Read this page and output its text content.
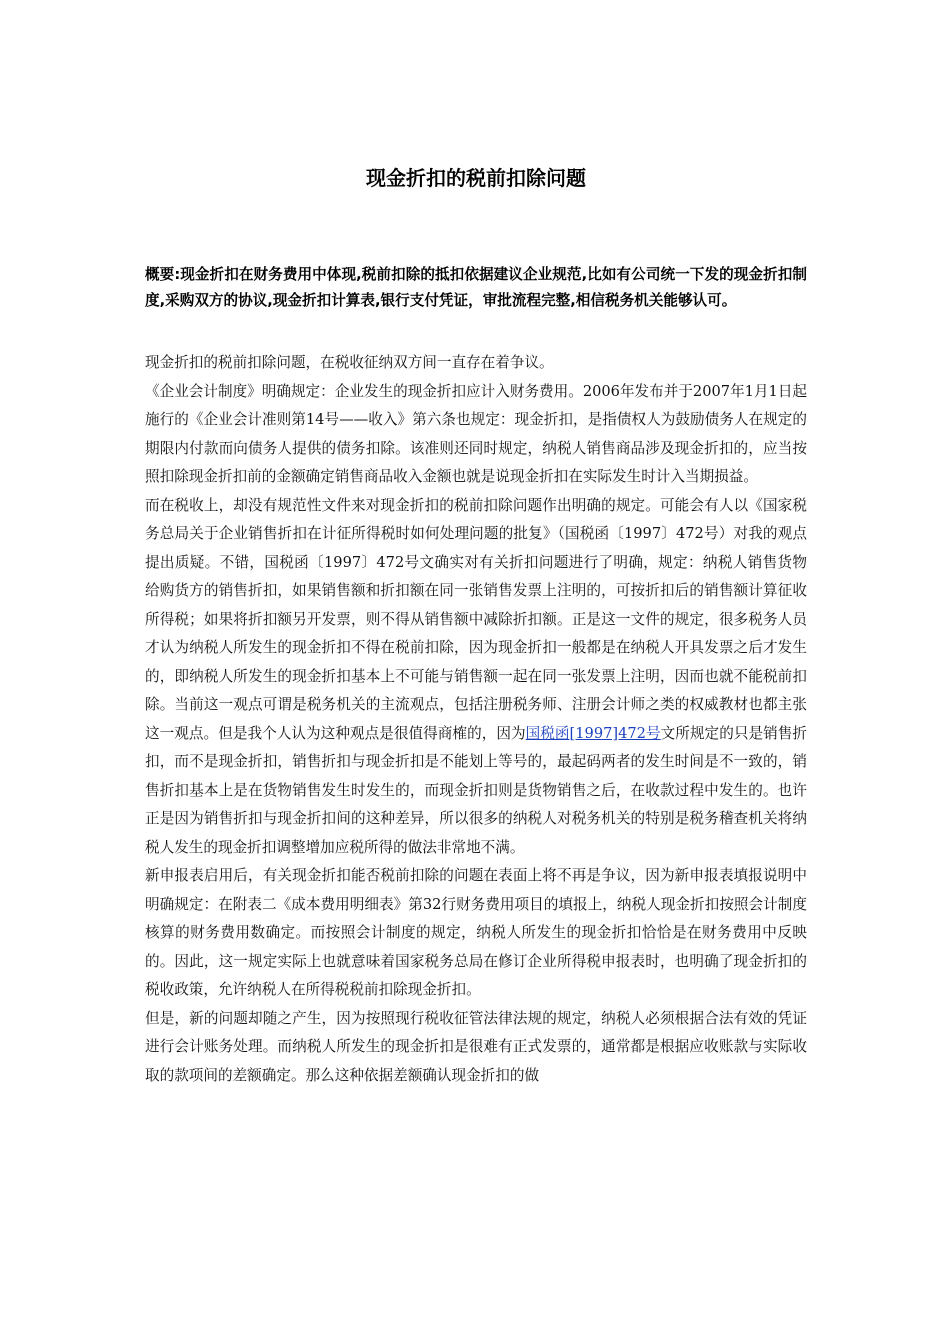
现金折扣的税前扣除问题

概要:现金折扣在财务费用中体现,税前扣除的抵扣依据建议企业规范,比如有公司统一下发的现金折扣制度,采购双方的协议,现金折扣计算表,银行支付凭证，审批流程完整,相信税务机关能够认可。

现金折扣的税前扣除问题，在税收征纳双方间一直存在着争议。

《企业会计制度》明确规定：企业发生的现金折扣应计入财务费用。2006年发布并于2007年1月1日起施行的《企业会计准则第14号——收入》第六条也规定：现金折扣，是指债权人为鼓励债务人在规定的期限内付款而向债务人提供的债务扣除。该准则还同时规定，纳税人销售商品涉及现金折扣的，应当按照扣除现金折扣前的金额确定销售商品收入金额也就是说现金折扣在实际发生时计入当期损益。

而在税收上，却没有规范性文件来对现金折扣的税前扣除问题作出明确的规定。可能会有人以《国家税务总局关于企业销售折扣在计征所得税时如何处理问题的批复》（国税函〔1997〕472号）对我的观点提出质疑。不错，国税函〔1997〕472号文确实对有关折扣问题进行了明确，规定：纳税人销售货物给购货方的销售折扣，如果销售额和折扣额在同一张销售发票上注明的，可按折扣后的销售额计算征收所得税；如果将折扣额另开发票，则不得从销售额中减除折扣额。正是这一文件的规定，很多税务人员才认为纳税人所发生的现金折扣不得在税前扣除，因为现金折扣一般都是在纳税人开具发票之后才发生的，即纳税人所发生的现金折扣基本上不可能与销售额一起在同一张发票上注明，因而也就不能税前扣除。当前这一观点可谓是税务机关的主流观点，包括注册税务师、注册会计师之类的权威教材也都主张这一观点。但是我个人认为这种观点是很值得商榷的，因为国税函[1997]472号文所规定的只是销售折扣，而不是现金折扣，销售折扣与现金折扣是不能划上等号的，最起码两者的发生时间是不一致的，销售折扣基本上是在货物销售发生时发生的，而现金折扣则是货物销售之后，在收款过程中发生的。也许正是因为销售折扣与现金折扣间的这种差异，所以很多的纳税人对税务机关的特别是税务稽查机关将纳税人发生的现金折扣调整增加应税所得的做法非常地不满。

新申报表启用后，有关现金折扣能否税前扣除的问题在表面上将不再是争议，因为新申报表填报说明中明确规定：在附表二《成本费用明细表》第32行财务费用项目的填报上，纳税人现金折扣按照会计制度核算的财务费用数确定。而按照会计制度的规定，纳税人所发生的现金折扣恰恰是在财务费用中反映的。因此，这一规定实际上也就意味着国家税务总局在修订企业所得税申报表时，也明确了现金折扣的税收政策，允许纳税人在所得税税前扣除现金折扣。

但是，新的问题却随之产生，因为按照现行税收征管法律法规的规定，纳税人必须根据合法有效的凭证进行会计账务处理。而纳税人所发生的现金折扣是很难有正式发票的，通常都是根据应收账款与实际收取的款项间的差额确定。那么这种依据差额确认现金折扣的做
